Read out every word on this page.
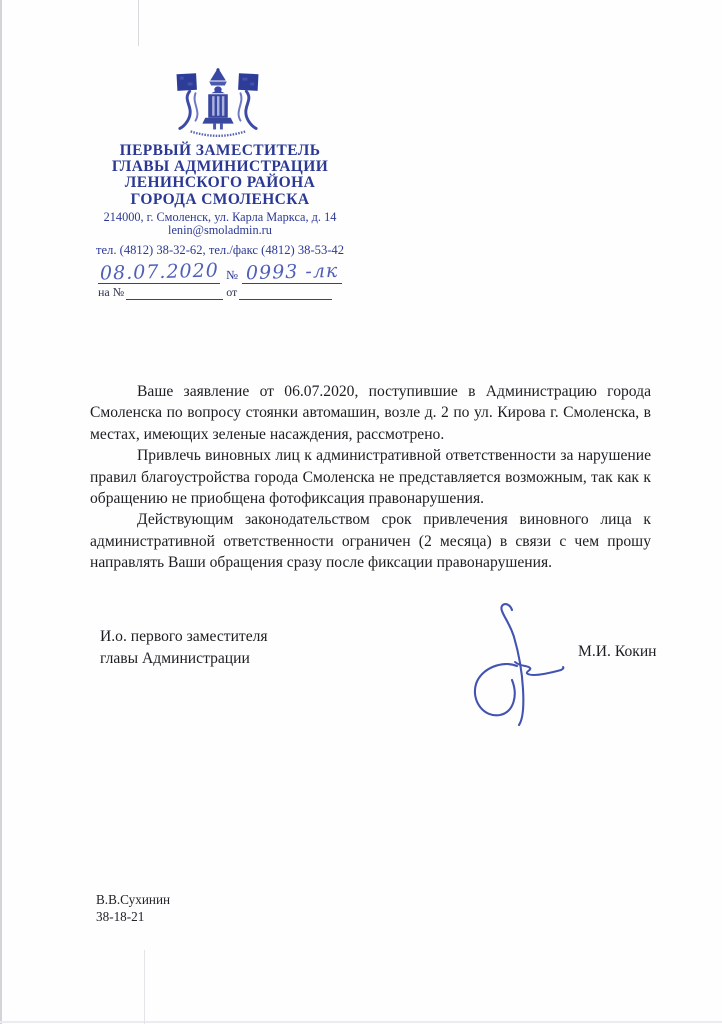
ПЕРВЫЙ ЗАМЕСТИТЕЛЬ
ГЛАВЫ АДМИНИСТРАЦИИ
ЛЕНИНСКОГО РАЙОНА
ГОРОДА СМОЛЕНСКА
214000, г. Смоленск, ул. Карла Маркса, д. 14
lenin@smoladmin.ru
тел. (4812) 38-32-62, тел./факс (4812) 38-53-42
08.07.2020 № 0993 -лк
на №	от

Ваше заявление от 06.07.2020, поступившие в Администрацию города Смоленска по вопросу стоянки автомашин, возле д. 2 по ул. Кирова г. Смоленска, в местах, имеющих зеленые насаждения, рассмотрено.

Привлечь виновных лиц к административной ответственности за нарушение правил благоустройства города Смоленска не представляется возможным, так как к обращению не приобщена фотофиксация правонарушения.

Действующим законодательством срок привлечения виновного лица к административной ответственности ограничен (2 месяца) в связи с чем прошу направлять Ваши обращения сразу после фиксации правонарушения.

И.о. первого заместителя
главы Администрации	М.И. Кокин
В.В.Сухинин
38-18-21
